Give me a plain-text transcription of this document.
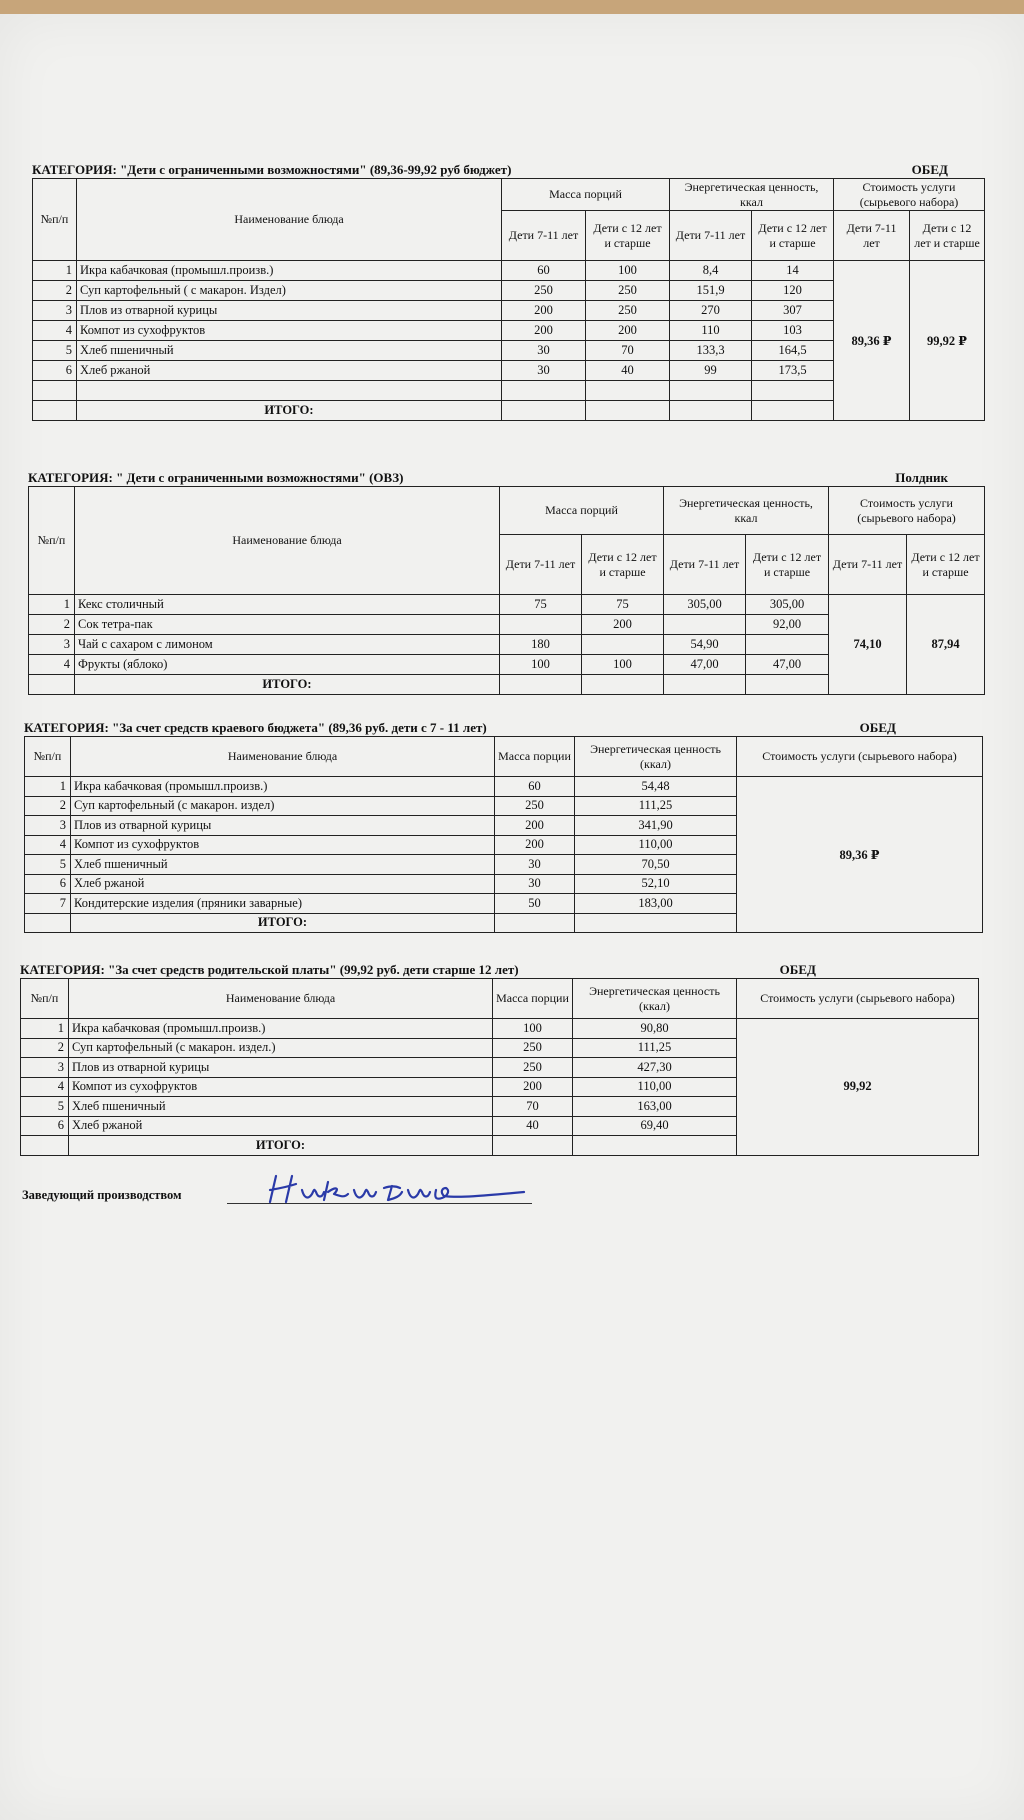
КАТЕГОРИЯ: "Дети с ограниченными возможностями" (89,36-99,92 руб бюджет)	ОБЕД
№п/п	Наименование блюда	Масса порций		Энергетическая ценность, ккал		Стоимость услуги (сырьевого набора)	
		Дети 7-11 лет	Дети с 12 лет и старше	Дети 7-11 лет	Дети с 12 лет и старше	Дети 7-11 лет	Дети с 12 лет и старше
1	Икра кабачковая (промышл.произв.)	60	100	8,4	14	89,36 ₽	99,92 ₽
2	Суп картофельный ( с макарон. Издел)	250	250	151,9	120		
3	Плов из отварной курицы	200	250	270	307		
4	Компот из сухофруктов	200	200	110	103		
5	Хлеб пшеничный	30	70	133,3	164,5		
6	Хлеб ржаной	30	40	99	173,5		

	ИТОГО:						
КАТЕГОРИЯ: " Дети с ограниченными возможностями" (ОВЗ)	Полдник
№п/п	Наименование блюда	Масса порций		Энергетическая ценность, ккал		Стоимость услуги (сырьевого набора)	
		Дети 7-11 лет	Дети с 12 лет и старше	Дети 7-11 лет	Дети с 12 лет и старше	Дети 7-11 лет	Дети с 12 лет и старше
1	Кекс столичный	75	75	305,00	305,00	74,10	87,94
2	Сок тетра-пак		200		92,00		
3	Чай с сахаром с лимоном	180		54,90			
4	Фрукты (яблоко)	100	100	47,00	47,00		
	ИТОГО:						
КАТЕГОРИЯ: "За счет средств краевого бюджета" (89,36 руб. дети с 7 - 11 лет)	ОБЕД
№п/п	Наименование блюда	Масса порции	Энергетическая ценность (ккал)	Стоимость услуги (сырьевого набора)
1	Икра кабачковая (промышл.произв.)	60	54,48	89,36 ₽
2	Суп картофельный (с макарон. издел)	250	111,25	
3	Плов из отварной курицы	200	341,90	
4	Компот из сухофруктов	200	110,00	
5	Хлеб пшеничный	30	70,50	
6	Хлеб ржаной	30	52,10	
7	Кондитерские изделия (пряники заварные)	50	183,00	
	ИТОГО:			
КАТЕГОРИЯ: "За счет средств родительской платы" (99,92 руб. дети старше 12 лет)	ОБЕД
№п/п	Наименование блюда	Масса порции	Энергетическая ценность (ккал)	Стоимость услуги (сырьевого набора)
1	Икра кабачковая (промышл.произв.)	100	90,80	99,92
2	Суп картофельный (с макарон. издел.)	250	111,25	
3	Плов из отварной курицы	250	427,30	
4	Компот из сухофруктов	200	110,00	
5	Хлеб пшеничный	70	163,00	
6	Хлеб ржаной	40	69,40	
	ИТОГО:			
Заведующий производством
